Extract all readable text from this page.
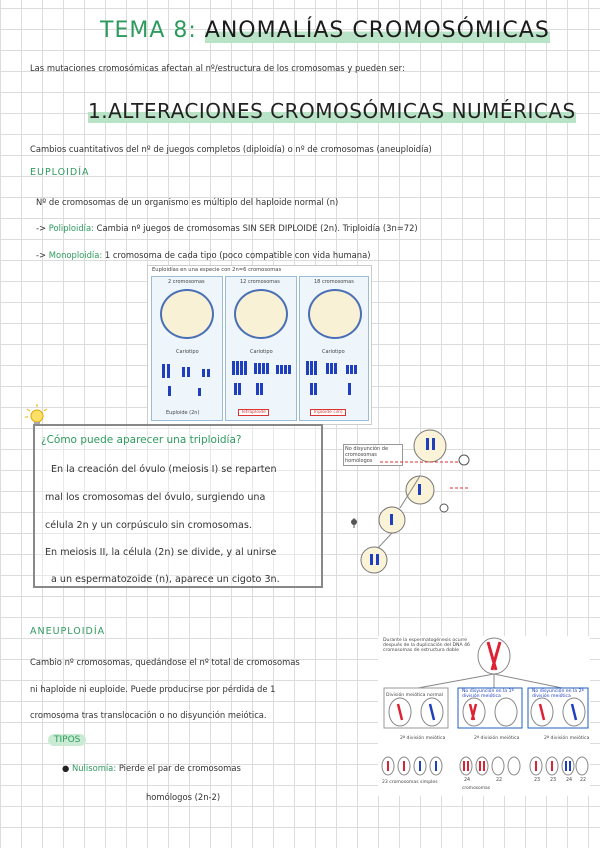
TEMA 8: ANOMALÍAS CROMOSÓMICAS
Las mutaciones cromosómicas afectan al nº/estructura de los cromosomas y pueden ser:
1.ALTERACIONES CROMOSÓMICAS NUMÉRICAS
Cambios cuantitativos del nº de juegos completos (diploidía) o nº de cromosomas (aneuploidía)
EUPLOIDÍA
Nº de cromosomas de un organismo es múltiplo del haploide normal (n)
-> Poliploidía: Cambia nº juegos de cromosomas SIN SER DIPLOIDE (2n). Triploidía (3n=72)
-> Monoploidía: 1 cromosoma de cada tipo (poco compatible con vida humana)
Euploidías en una especie con 2n=6 cromosomas
2 cromosomas
Cariotipo
Euploide (2n)
12 cromosomas
Cariotipo
Tetraploide
18 cromosomas
Cariotipo
Triploide (3n)
¿Cómo puede aparecer una triploidía?
En la creación del óvulo (meiosis I) se reparten
mal los cromosomas del óvulo, surgiendo una
célula 2n y un corpúsculo sin cromosomas.
En meiosis II, la célula (2n) se divide, y al unirse
a un espermatozoide (n), aparece un cigoto 3n.
No disyunción de cromosomas homólogos
ANEUPLOIDÍA
Cambio nº cromosomas, quedándose el nº total de cromosomas
ni haploide ni euploide. Puede producirse por pérdida de 1
cromosoma tras translocación o no disyunción meiótica.
TIPOS
● Nulisomía: Pierde el par de cromosomas
homólogos (2n-2)
Durante la espermatogénesis ocurre después de la duplicación del DNA 46 cromosomas de estructura doble
División meiótica normal
No disyunción en la 1ª división meiótica
No disyunción en la 2ª división meiótica
2ª división meiótica	2ª división meiótica	2ª división meiótica
23 cromosomas simples	24	22	23 23 24 22
cromosomas
